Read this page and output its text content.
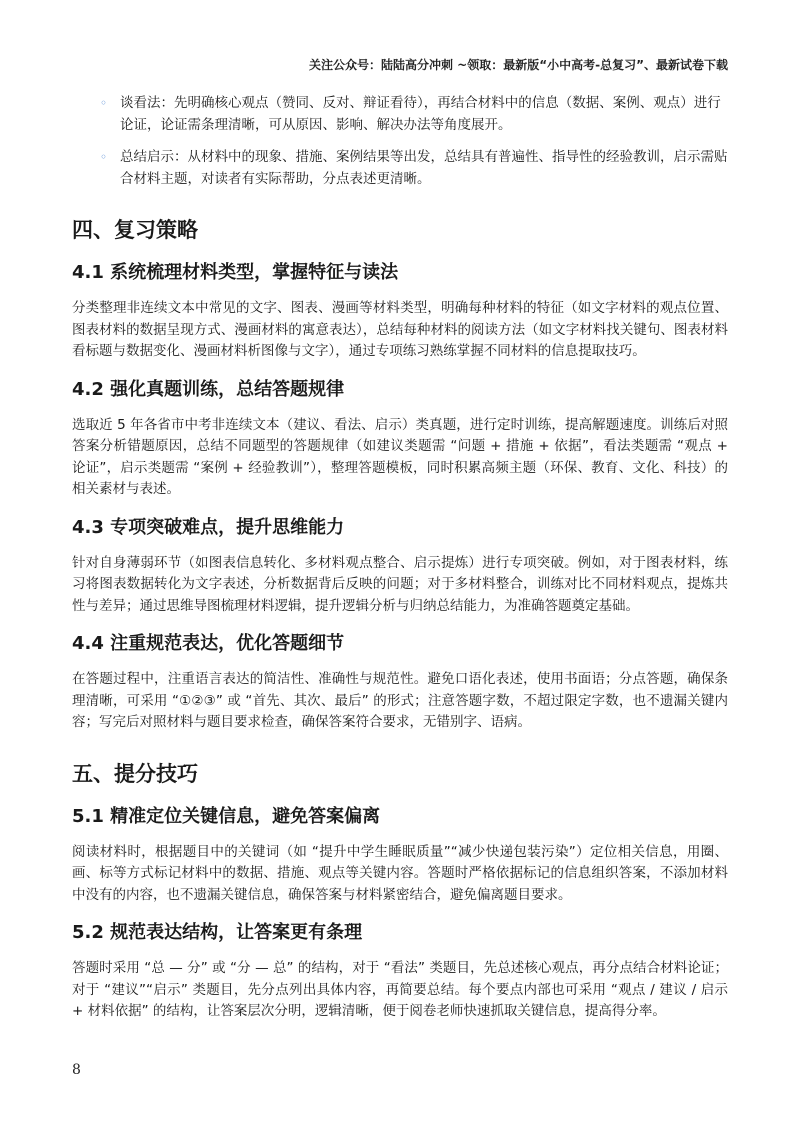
关注公众号：陆陆高分冲刺 ~领取：最新版“小中高考-总复习”、最新试卷下载
◦ 谈看法：先明确核心观点（赞同、反对、辩证看待），再结合材料中的信息（数据、案例、观点）进行论证，论证需条理清晰，可从原因、影响、解决办法等角度展开。
◦ 总结启示：从材料中的现象、措施、案例结果等出发，总结具有普遍性、指导性的经验教训，启示需贴合材料主题，对读者有实际帮助，分点表述更清晰。
四、复习策略
4.1 系统梳理材料类型，掌握特征与读法

分类整理非连续文本中常见的文字、图表、漫画等材料类型，明确每种材料的特征（如文字材料的观点位置、图表材料的数据呈现方式、漫画材料的寓意表达），总结每种材料的阅读方法（如文字材料找关键句、图表材料看标题与数据变化、漫画材料析图像与文字），通过专项练习熟练掌握不同材料的信息提取技巧。

4.2 强化真题训练，总结答题规律

选取近 5 年各省市中考非连续文本（建议、看法、启示）类真题，进行定时训练，提高解题速度。训练后对照答案分析错题原因，总结不同题型的答题规律（如建议类题需 “问题 + 措施 + 依据”，看法类题需 “观点 + 论证”，启示类题需 “案例 + 经验教训”），整理答题模板，同时积累高频主题（环保、教育、文化、科技）的相关素材与表述。

4.3 专项突破难点，提升思维能力

针对自身薄弱环节（如图表信息转化、多材料观点整合、启示提炼）进行专项突破。例如，对于图表材料，练习将图表数据转化为文字表述，分析数据背后反映的问题；对于多材料整合，训练对比不同材料观点，提炼共性与差异；通过思维导图梳理材料逻辑，提升逻辑分析与归纳总结能力，为准确答题奠定基础。

4.4 注重规范表达，优化答题细节

在答题过程中，注重语言表达的简洁性、准确性与规范性。避免口语化表述，使用书面语；分点答题，确保条理清晰，可采用 “①②③” 或 “首先、其次、最后” 的形式；注意答题字数，不超过限定字数，也不遗漏关键内容；写完后对照材料与题目要求检查，确保答案符合要求，无错别字、语病。

五、提分技巧
5.1 精准定位关键信息，避免答案偏离

阅读材料时，根据题目中的关键词（如 “提升中学生睡眠质量”“减少快递包装污染”）定位相关信息，用圈、画、标等方式标记材料中的数据、措施、观点等关键内容。答题时严格依据标记的信息组织答案，不添加材料中没有的内容，也不遗漏关键信息，确保答案与材料紧密结合，避免偏离题目要求。

5.2 规范表达结构，让答案更有条理

答题时采用 “总 — 分” 或 “分 — 总” 的结构，对于 “看法” 类题目，先总述核心观点，再分点结合材料论证；对于 “建议”“启示” 类题目，先分点列出具体内容，再简要总结。每个要点内部也可采用 “观点 / 建议 / 启示 + 材料依据” 的结构，让答案层次分明，逻辑清晰，便于阅卷老师快速抓取关键信息，提高得分率。

8
